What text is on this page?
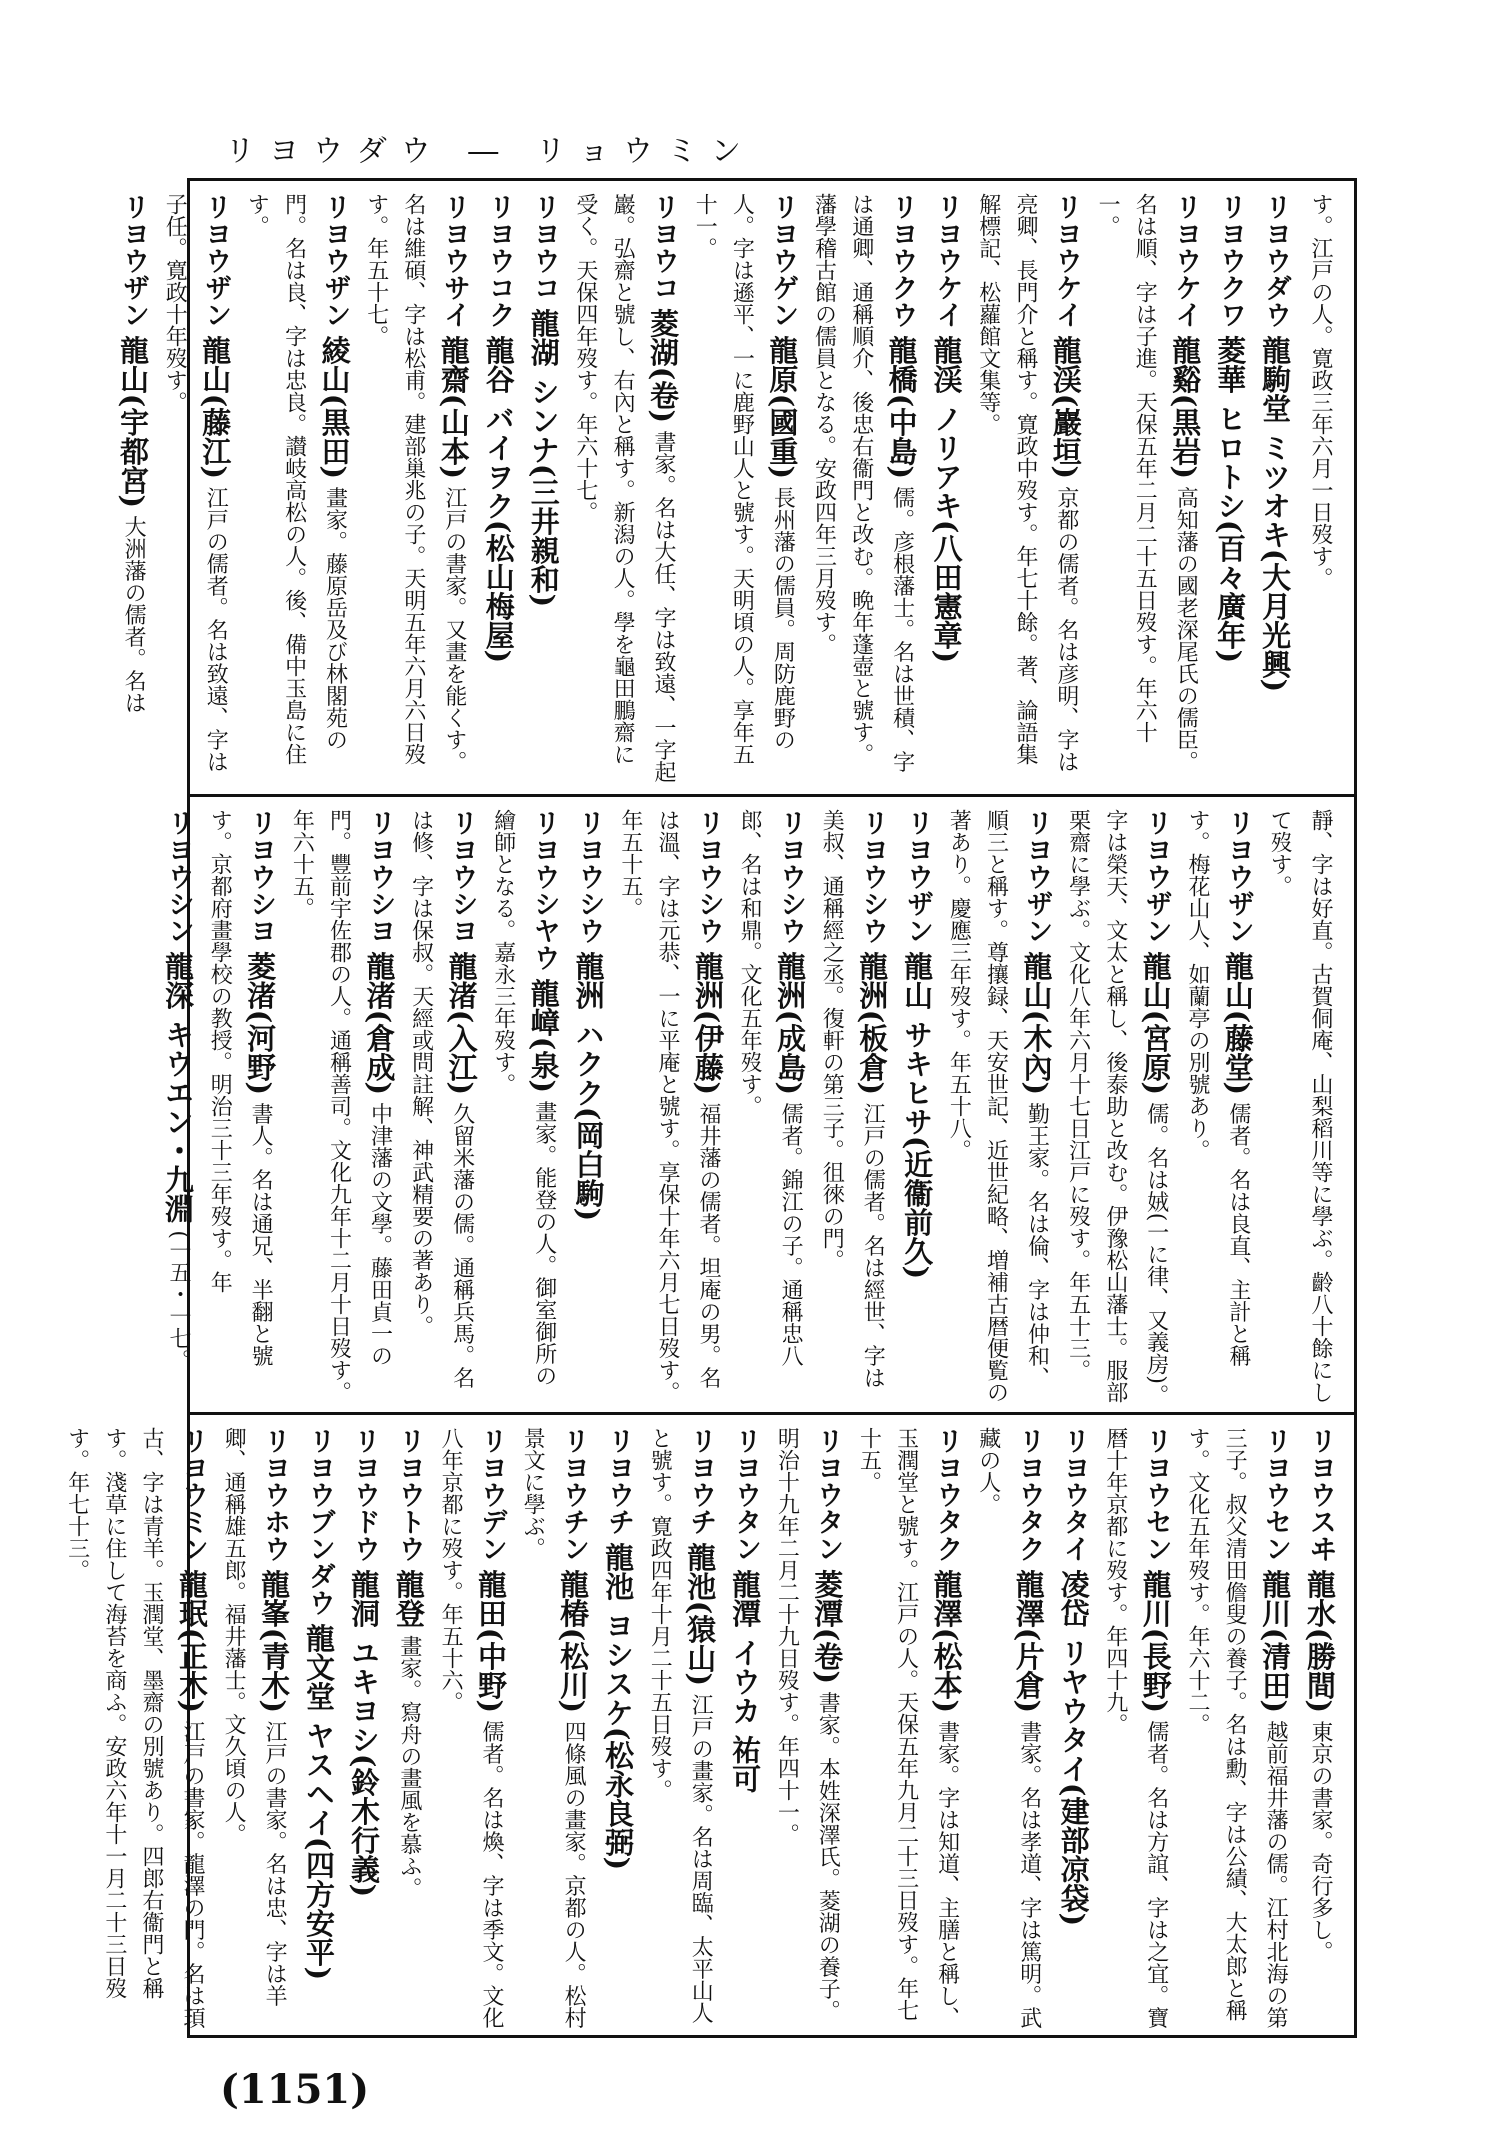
リヨウダウ ― リョウミン

す。江戸の人。寛政三年六月一日歿す。

リヨウダウ 龍駒堂 ミツオキ(大月光興)

リヨウクワ 菱華 ヒロトシ(百々廣年)

リヨウケイ 龍谿(黒岩) 高知藩の國老深尾氏の儒臣。名は順、字は子進。天保五年二月二十五日歿す。年六十一。

リヨウケイ 龍渓(巖垣) 京都の儒者。名は彦明、字は亮卿、長門介と稱す。寛政中歿す。年七十餘。著、論語集解標記、松蘿館文集等。

リヨウケイ 龍渓 ノリアキ(八田憲章)

リヨウクウ 龍橋(中島) 儒。彦根藩士。名は世積、字は通卿、通稱順介、後忠右衞門と改む。晩年蓬壺と號す。藩學稽古館の儒員となる。安政四年三月歿す。

リヨウゲン 龍原(國重) 長州藩の儒員。周防鹿野の人。字は遜平、一に鹿野山人と號す。天明頃の人。享年五十一。

リヨウコ 菱湖(卷) 書家。名は大任、字は致遠、一字起巖。弘齋と號し、右內と稱す。新潟の人。學を龜田鵬齋に受く。天保四年歿す。年六十七。

リヨウコ 龍湖 シンナ(三井親和)

リヨウコク 龍谷 バイヲク(松山梅屋)

リヨウサイ 龍齋(山本) 江戸の書家。又畫を能くす。名は維碩、字は松甫。建部巢兆の子。天明五年六月六日歿す。年五十七。

リヨウザン 綾山(黒田) 畫家。藤原岳及び林閣苑の門。名は良、字は忠良。讃岐高松の人。後、備中玉島に住す。

リヨウザン 龍山(藤江) 江戸の儒者。名は致遠、字は子任。寛政十年歿す。

リヨウザン 龍山(宇都宮) 大洲藩の儒者。名は

靜、字は好直。古賀侗庵、山梨稻川等に學ぶ。齡八十餘にして歿す。

リヨウザン 龍山(藤堂) 儒者。名は良直、主計と稱す。梅花山人、如蘭亭の別號あり。

リヨウザン 龍山(宮原) 儒。名は娀(一に律、又義房)。字は榮天、文太と稱し、後泰助と改む。伊豫松山藩士。服部栗齋に學ぶ。文化八年六月十七日江戸に歿す。年五十三。

リヨウザン 龍山(木內) 勤王家。名は倫、字は仲和、順三と稱す。尊攘録、天安世記、近世紀略、増補古暦便覧の著あり。慶應三年歿す。年五十八。

リヨウザン 龍山 サキヒサ(近衞前久)

リヨウシウ 龍洲(板倉) 江戸の儒者。名は經世、字は美叔、通稱經之丞。復軒の第三子。徂徠の門。

リヨウシウ 龍洲(成島) 儒者。錦江の子。通稱忠八郎、名は和鼎。文化五年歿す。

リヨウシウ 龍洲(伊藤) 福井藩の儒者。坦庵の男。名は溫、字は元恭、一に平庵と號す。享保十年六月七日歿す。年五十五。

リヨウシウ 龍洲 ハクク(岡白駒)

リヨウシヤウ 龍嶂(泉) 畫家。能登の人。御室御所の繪師となる。嘉永三年歿す。

リヨウシヨ 龍渚(入江) 久留米藩の儒。通稱兵馬。名は修、字は保叔。天經或問註解、神武精要の著あり。

リヨウシヨ 龍渚(倉成) 中津藩の文學。藤田貞一の門。豐前宇佐郡の人。通稱善司。文化九年十二月十日歿す。年六十五。

リヨウシヨ 菱渚(河野) 書人。名は通兄、半翻と號す。京都府畫學校の教授。明治三十三年歿す。年

リヨウシン 龍深 キウエン・九淵 (一五・一七。

リヨウスヰ 龍水(勝間) 東京の書家。奇行多し。

リヨウセン 龍川(清田) 越前福井藩の儒。江村北海の第三子。叔父清田儋叟の養子。名は勳、字は公績、大太郎と稱す。文化五年歿す。年六十二。

リヨウセン 龍川(長野) 儒者。名は方誼、字は之宜。寶暦十年京都に歿す。年四十九。

リヨウタイ 凌岱 リヤウタイ(建部凉袋)

リヨウタク 龍澤(片倉) 書家。名は孝道、字は篤明。武藏の人。

リヨウタク 龍澤(松本) 書家。字は知道、主膳と稱し、玉潤堂と號す。江戸の人。天保五年九月二十三日歿す。年七十五。

リヨウタン 菱潭(卷) 書家。本姓深澤氏。菱湖の養子。明治十九年二月二十九日歿す。年四十一。

リヨウタン 龍潭 イウカ 祐可

リヨウチ 龍池(猿山) 江戸の畫家。名は周臨、太平山人と號す。寛政四年十月二十五日歿す。

リヨウチ 龍池 ヨシスケ(松永良弼)

リヨウチン 龍椿(松川) 四條風の畫家。京都の人。松村景文に學ぶ。

リヨウデン 龍田(中野) 儒者。名は煥、字は季文。文化八年京都に歿す。年五十六。

リヨウトウ 龍登 畫家。寫舟の畫風を慕ふ。

リヨウドウ 龍洞 ユキヨシ(鈴木行義)

リヨウブンダウ 龍文堂 ヤスヘイ(四方安平)

リヨウホウ 龍峯(青木) 江戸の書家。名は忠、字は羊卿、通稱雄五郎。福井藩士。文久頃の人。

リヨウミン 龍珉(正木) 江戸の書家。龍澤の門。名は頊古、字は青羊。玉潤堂、墨齋の別號あり。四郎右衞門と稱す。淺草に住して海苔を商ふ。安政六年十一月二十三日歿す。年七十三。

(1151)
